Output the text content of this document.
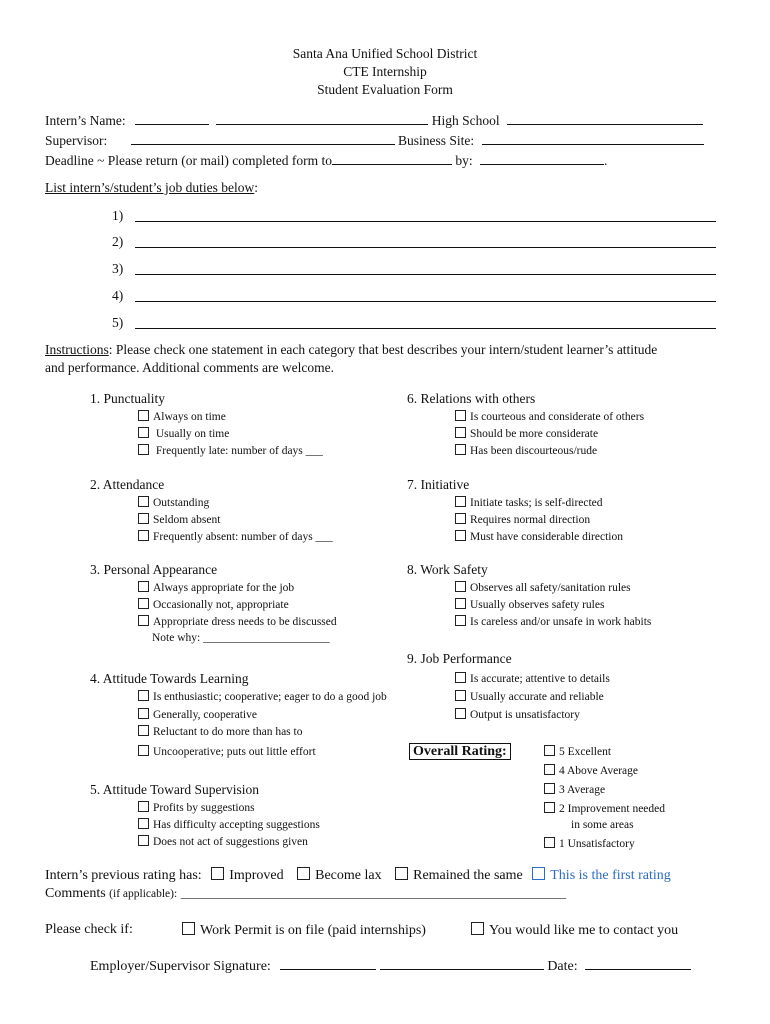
Santa Ana Unified School District
CTE Internship
Student Evaluation Form
Intern’s Name:	High School
Supervisor:	Business Site:
Deadline ~ Please return (or mail) completed form to	by:	.
List intern’s/student’s job duties below:
1)
2)
3)
4)
5)
Instructions: Please check one statement in each category that best describes your intern/student learner’s attitude
and performance. Additional comments are welcome.
1. Punctuality
Always on time
Usually on time
Frequently late: number of days ___
6. Relations with others
Is courteous and considerate of others
Should be more considerate
Has been discourteous/rude
2. Attendance
Outstanding
Seldom absent
Frequently absent: number of days ___
7. Initiative
Initiate tasks; is self-directed
Requires normal direction
Must have considerable direction
3. Personal Appearance
Always appropriate for the job
Occasionally not, appropriate
Appropriate dress needs to be discussed
Note why: ______________________
8. Work Safety
Observes all safety/sanitation rules
Usually observes safety rules
Is careless and/or unsafe in work habits
9. Job Performance
Is accurate; attentive to details
Usually accurate and reliable
Output is unsatisfactory
4. Attitude Towards Learning
Is enthusiastic; cooperative; eager to do a good job
Generally, cooperative
Reluctant to do more than has to
Uncooperative; puts out little effort	Overall Rating:	5 Excellent
4 Above Average
3 Average
2 Improvement needed
in some areas
1 Unsatisfactory
5. Attitude Toward Supervision
Profits by suggestions
Has difficulty accepting suggestions
Does not act of suggestions given
Intern’s previous rating has: Improved Become lax Remained the same This is the first rating
Comments (if applicable): ___________________________________________________________________
Please check if:	Work Permit is on file (paid internships)	You would like me to contact you
Employer/Supervisor Signature:	Date:
